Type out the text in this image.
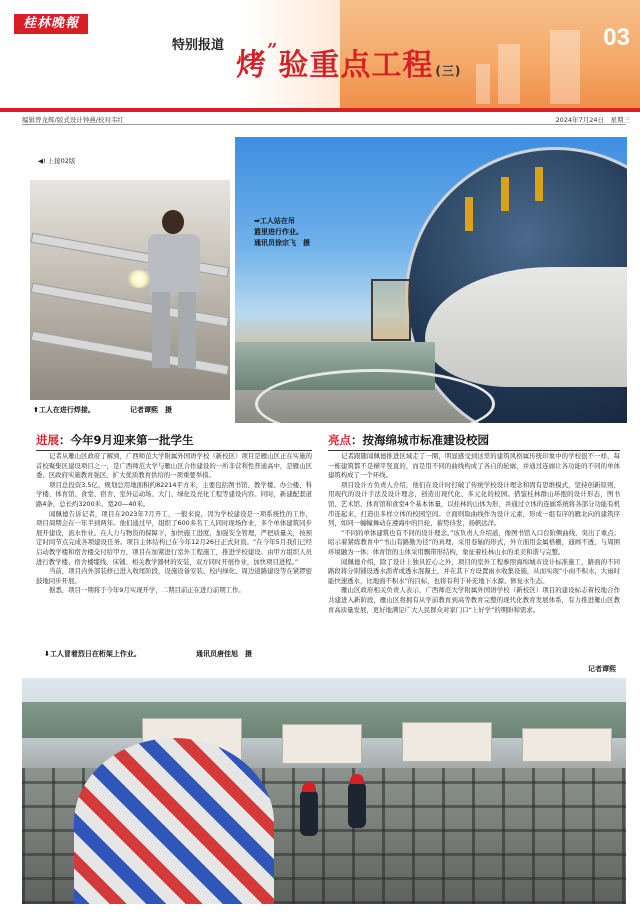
桂林晚報
特别报道
烤”验重点工程 (三)
03
编辑曾龙辉/版式设计钟燕/校对韦红	2024年7月24日　星期三
◀) 上接02版
➡工人站在吊
篮里进行作业。
通讯员徐宗飞　摄
⬆工人在进行焊接。	记者谭熙　摄
进展：今年9月迎来第一批学生	亮点：按海绵城市标准建设校园

记者从雁山区政府了解到，广西师范大学附属外国语学校（新校区）项目是雁山区正在实施的首校聚集区建设项目之一，是广西师范大学与雁山区合作建设的一所非营利性普通高中，是雁山区委、区政府实施教育强区、扩大优质教育供给的一项重要举措。

项目总投资3.5亿，规划总用地面积约82214平方米，主要包括图书馆、教学楼、办公楼、科学楼、体育馆、食堂、宿舍、室外运动场、大门、绿化及亮化工程等建设内容。同时，新建配套道路4条，总长约3200米，宽20—40米。

闻佩德告诉记者，项目在2023年7月开工，一般来说，因为学校建设是一项系统性的工作，项目周期会在一年半到两年。他们通过早，组织了600多名工人同时现场作业，多个单体建筑同步展开建设，流水作业。在人力与物资的保障下，加快施工进度，加强安全管理，严把质量关，按预定时间节点完成各项建设任务。项目主体结构已在今年12月26日正式封顶。“在今年5月我们已经启动教学楼和宿舍楼交付给甲方，项目在加紧进行室外工程施工，推进学校建设。由甲方组织人员进行教学楼、宿舍楼缆线、床铺、相关教学器材的安装，双方同时开展作业，加快项目进程。”

当前，项目内外部装修已进入收尾阶段，设施设备安装、校内绿化、周边道路建设等在紧锣密鼓地同步开展。

据悉，项目一期将于今年9月实现开学，二期目前正在进行前期工作。

记者跟随闻佩德推进区域走了一圈，明显感受到这里的建筑风格属传统印象中的学校很不一样，每一栋建筑都不是横平竖直的，而是用不同的曲线构成了各自的轮廓，并通过连廊让各功能的不同的单体建筑构成了一个环线。

项目设计方负责人介绍，他们在设计时打破了传统学校设计理念和固有思维模式，坚持创新原则，用现代的设计手法及设计理念，创造出现代化、多元化的校园。借鉴桂林群山环抱的设计形态，图书馆、艺术馆、体育馆和食堂4个基本体量，以桂林的山体为形，并通过立体的连廊系统将各部分功能有机串连起来，打造出多样立体的校园空间。立面则取曲线作为设计元素，形成一组有序的雁北向的建筑序列，如同一幢幢舞动在遵海中的巨轮，蓄势待发，扬帆远洋。

“不同的单体建筑也有不同的设计理念。”该负责人介绍道，像图书馆入口台阶侧曲线，突出了重点；昭示着紧练教育中“书山有路勤为径”的真理，采用卷轴的形式，外立面用金属格栅，通画不透，与周围环境融为一体；体育馆的主体采用飘带形结构，象征着桂林山水的柔美和谐与完整。

闻佩德介绍，除了设计上独具匠心之外，项目的室外工程参照海绵城市设计标准施工，路面的不同路段将分别铺设透水沥青或透水混凝土，并在其下方设置雨水收集设施，从而实现“小雨不积水，大雨时能快速透水，比地面不积水”的目标，也将有利于补充地下水源、修复水生态。

雁山区政府相关负责人表示，广西师范大学附属外国语学校（新校区）项目的建设标志着校地合作共建进入新阶段，雁山区将拥有从学前教育到高等教育完整的现代化教育发展体系，有力推进雁山区教育高质量发展，更好地满足广大人民群众对家门口“上好学”的期盼和需求。

⬇工人冒着烈日在桁架上作业。	通讯员唐佳旭　摄
记者谭熙
